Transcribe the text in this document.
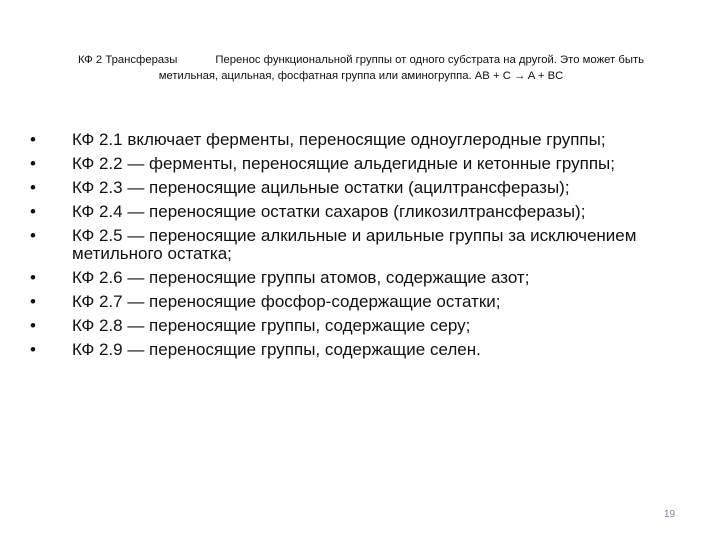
КФ 2 Трансферазы	Перенос функциональной группы от одного субстрата на другой. Это может быть
метильная, ацильная, фосфатная группа или аминогруппа. AB + C → A + BC
•	КФ 2.1 включает ферменты, переносящие одноуглеродные группы;
•	КФ 2.2 — ферменты, переносящие альдегидные и кетонные группы;
•	КФ 2.3 — переносящие ацильные остатки (ацилтрансферазы);
•	КФ 2.4 — переносящие остатки сахаров (гликозилтрансферазы);
•	КФ 2.5 — переносящие алкильные и арильные группы за исключением метильного остатка;
•	КФ 2.6 — переносящие группы атомов, содержащие азот;
•	КФ 2.7 — переносящие фосфор-содержащие остатки;
•	КФ 2.8 — переносящие группы, содержащие серу;
•	КФ 2.9 — переносящие группы, содержащие селен.
19
